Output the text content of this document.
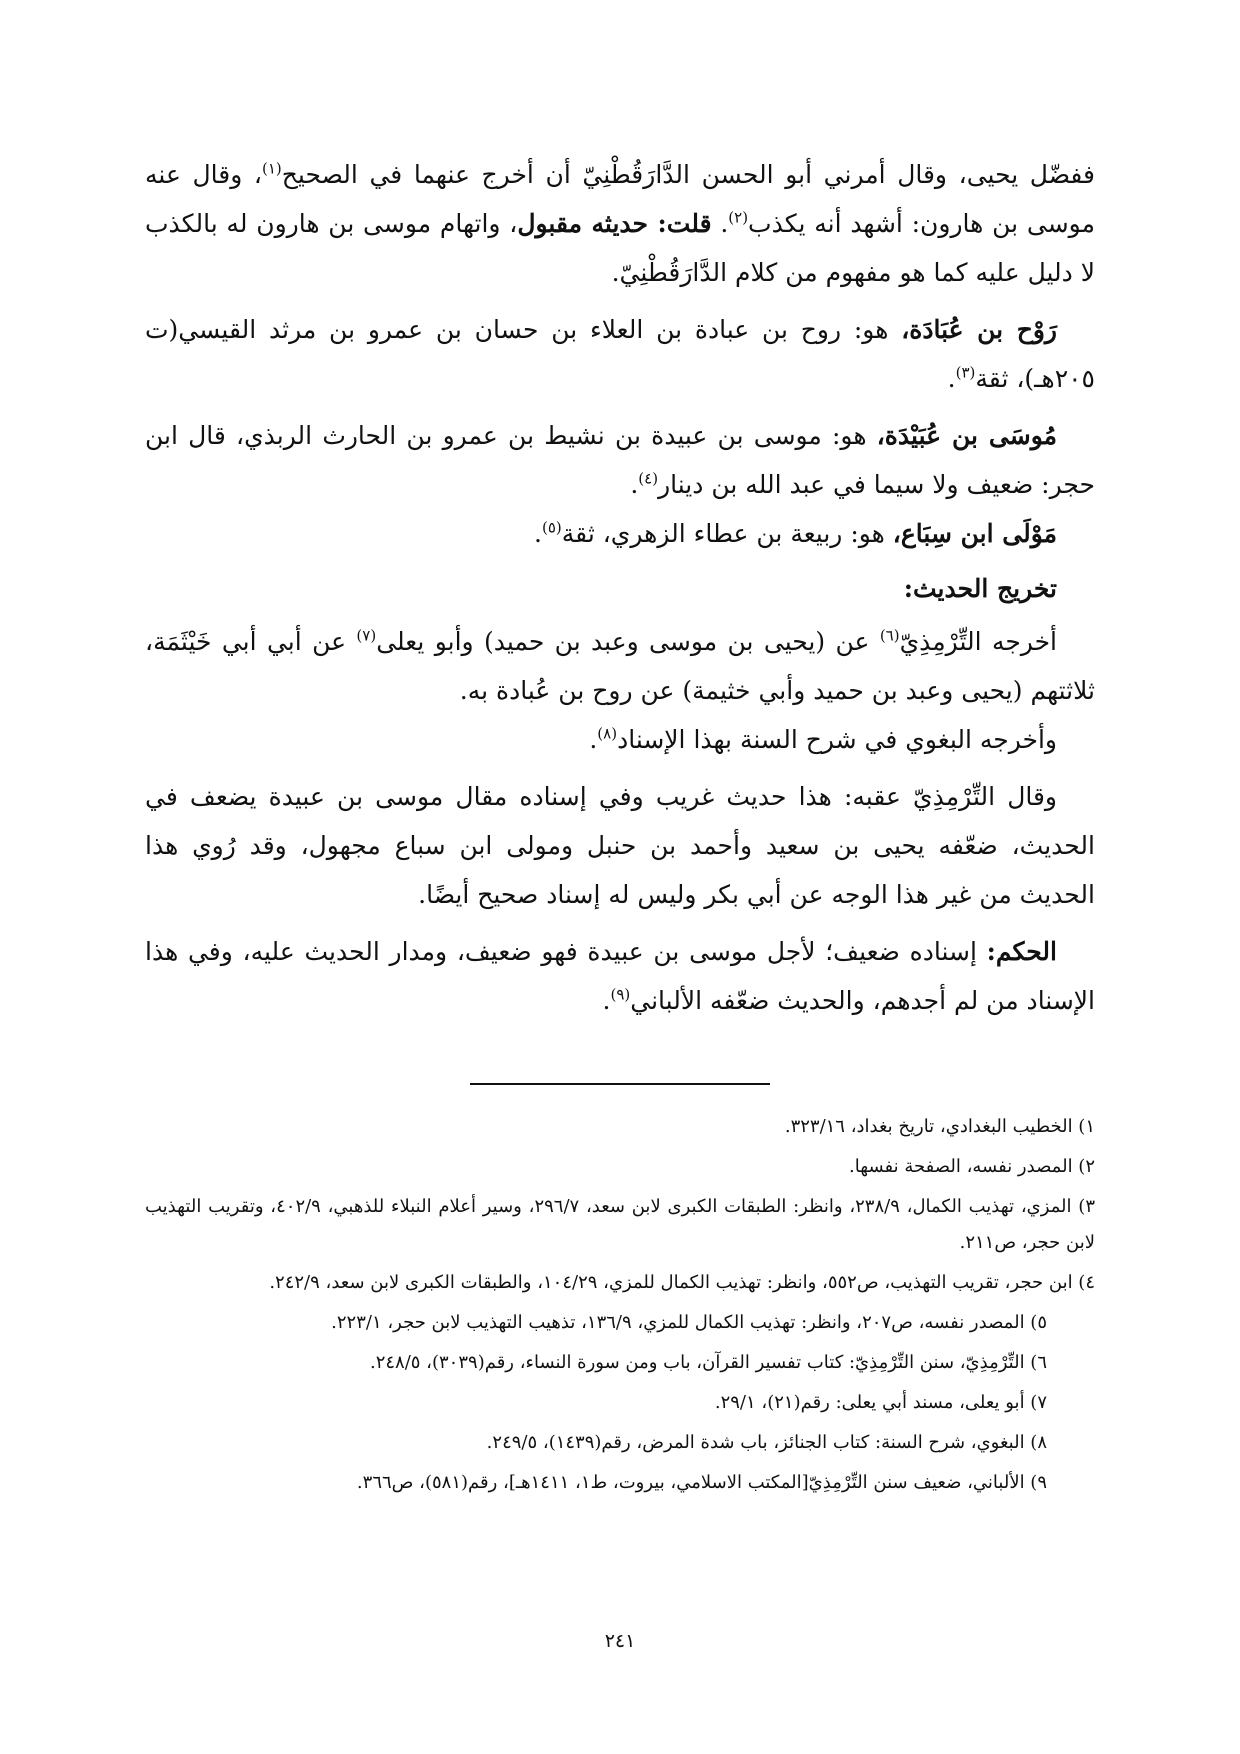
ففضّل يحيى، وقال أمرني أبو الحسن الدَّارَقُطْنِيّ أن أخرج عنهما في الصحيح$^{(١)}$، وقال عنه موسى بن هارون: أشهد أنه يكذب$^{(٢)}$. قلت: حديثه مقبول، واتهام موسى بن هارون له بالكذب لا دليل عليه كما هو مفهوم من كلام الدَّارَقُطْنِيّ.

رَوْح بن عُبَادَة، هو: روح بن عبادة بن العلاء بن حسان بن عمرو بن مرثد القيسي(ت ٢٠٥هـ)، ثقة$^{(٣)}$.

مُوسَى بن عُبَيْدَة، هو: موسى بن عبيدة بن نشيط بن عمرو بن الحارث الربذي، قال ابن حجر: ضعيف ولا سيما في عبد الله بن دينار$^{(٤)}$.

مَوْلَى ابن سِبَاع، هو: ربيعة بن عطاء الزهري، ثقة$^{(٥)}$.

تخريج الحديث:

أخرجه التِّرْمِذِيّ$^{(٦)}$ عن (يحيى بن موسى وعبد بن حميد) وأبو يعلى$^{(٧)}$ عن أبي أبي خَيْثَمَة، ثلاثتهم (يحيى وعبد بن حميد وأبي خثيمة) عن روح بن عُبادة به.

وأخرجه البغوي في شرح السنة بهذا الإسناد$^{(٨)}$.

وقال التِّرْمِذِيّ عقبه: هذا حديث غريب وفي إسناده مقال موسى بن عبيدة يضعف في الحديث، ضعّفه يحيى بن سعيد وأحمد بن حنبل ومولى ابن سباع مجهول، وقد رُوي هذا الحديث من غير هذا الوجه عن أبي بكر وليس له إسناد صحيح أيضًا.

الحكم: إسناده ضعيف؛ لأجل موسى بن عبيدة فهو ضعيف، ومدار الحديث عليه، وفي هذا الإسناد من لم أجدهم، والحديث ضعّفه الألباني$^{(٩)}$.

١) الخطيب البغدادي، تاريخ بغداد، ٣٢٣/١٦.

٢) المصدر نفسه، الصفحة نفسها.

٣) المزي، تهذيب الكمال، ٢٣٨/٩، وانظر: الطبقات الكبرى لابن سعد، ٢٩٦/٧، وسير أعلام النبلاء للذهبي، ٤٠٢/٩، وتقريب التهذيب لابن حجر، ص٢١١.

٤) ابن حجر، تقريب التهذيب، ص٥٥٢، وانظر: تهذيب الكمال للمزي، ١٠٤/٢٩، والطبقات الكبرى لابن سعد، ٢٤٢/٩.

٥) المصدر نفسه، ص٢٠٧، وانظر: تهذيب الكمال للمزي، ١٣٦/٩، تذهيب التهذيب لابن حجر، ٢٢٣/١.

٦) التِّرْمِذِيّ، سنن التِّرْمِذِيّ: كتاب تفسير القرآن، باب ومن سورة النساء، رقم(٣٠٣٩)، ٢٤٨/٥.

٧) أبو يعلى، مسند أبي يعلى: رقم(٢١)، ٢٩/١.

٨) البغوي، شرح السنة: كتاب الجنائز، باب شدة المرض، رقم(١٤٣٩)، ٢٤٩/٥.

٩) الألباني، ضعيف سنن التِّرْمِذِيّ[المكتب الاسلامي، بيروت، ط١، ١٤١١هـ]، رقم(٥٨١)، ص٣٦٦.

٢٤١
